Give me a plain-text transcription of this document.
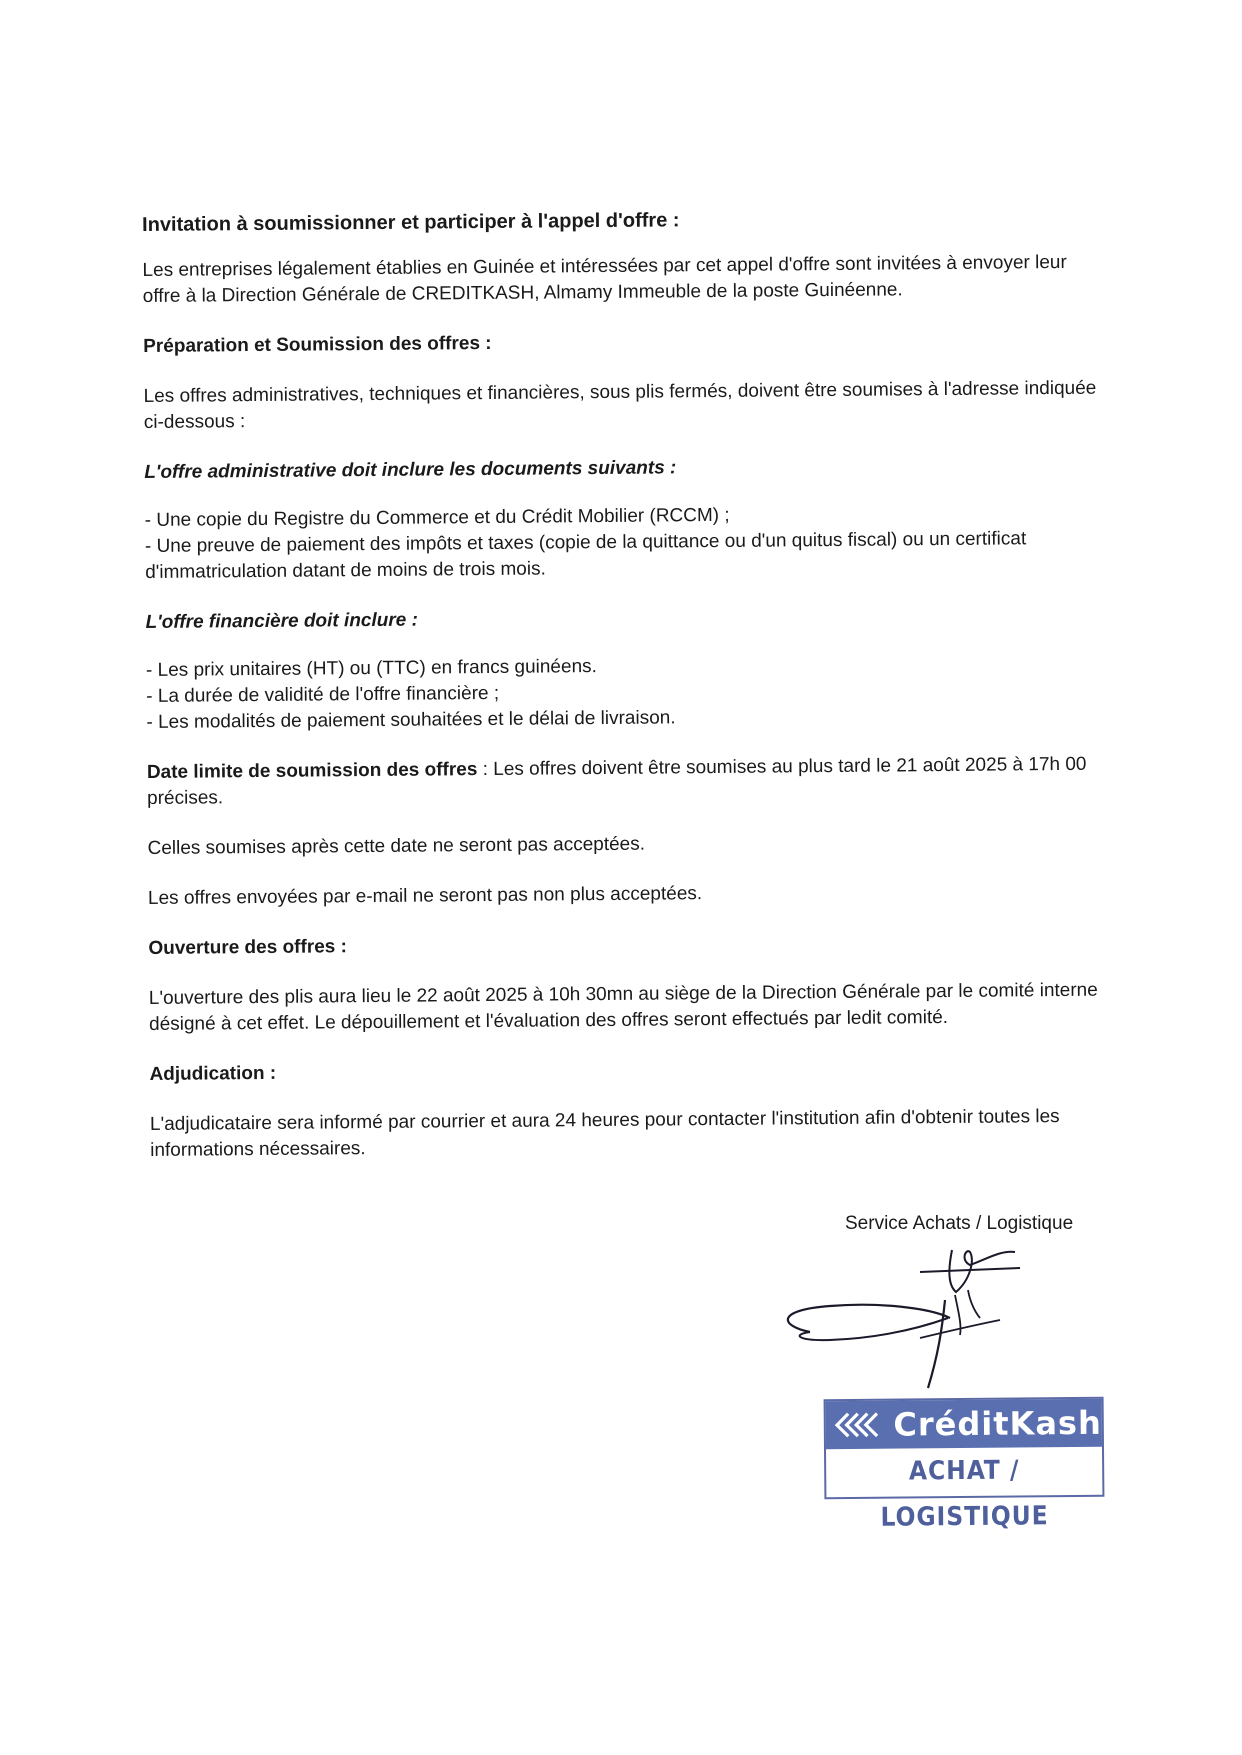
Invitation à soumissionner et participer à l'appel d'offre :

Les entreprises légalement établies en Guinée et intéressées par cet appel d'offre sont invitées à envoyer leur offre à la Direction Générale de CREDITKASH, Almamy Immeuble de la poste Guinéenne.

Préparation et Soumission des offres :

Les offres administratives, techniques et financières, sous plis fermés, doivent être soumises à l'adresse indiquée ci-dessous :

L'offre administrative doit inclure les documents suivants :

- Une copie du Registre du Commerce et du Crédit Mobilier (RCCM) ;

- Une preuve de paiement des impôts et taxes (copie de la quittance ou d'un quitus fiscal) ou un certificat d'immatriculation datant de moins de trois mois.

L'offre financière doit inclure :

- Les prix unitaires (HT) ou (TTC) en francs guinéens.

- La durée de validité de l'offre financière ;

- Les modalités de paiement souhaitées et le délai de livraison.

Date limite de soumission des offres : Les offres doivent être soumises au plus tard le 21 août 2025 à 17h 00 précises.

Celles soumises après cette date ne seront pas acceptées.

Les offres envoyées par e-mail ne seront pas non plus acceptées.

Ouverture des offres :

L'ouverture des plis aura lieu le 22 août 2025 à 10h 30mn au siège de la Direction Générale par le comité interne désigné à cet effet. Le dépouillement et l'évaluation des offres seront effectués par ledit comité.

Adjudication :

L'adjudicataire sera informé par courrier et aura 24 heures pour contacter l'institution afin d'obtenir toutes les informations nécessaires.

Service Achats / Logistique
CréditKash
ACHAT / LOGISTIQUE
